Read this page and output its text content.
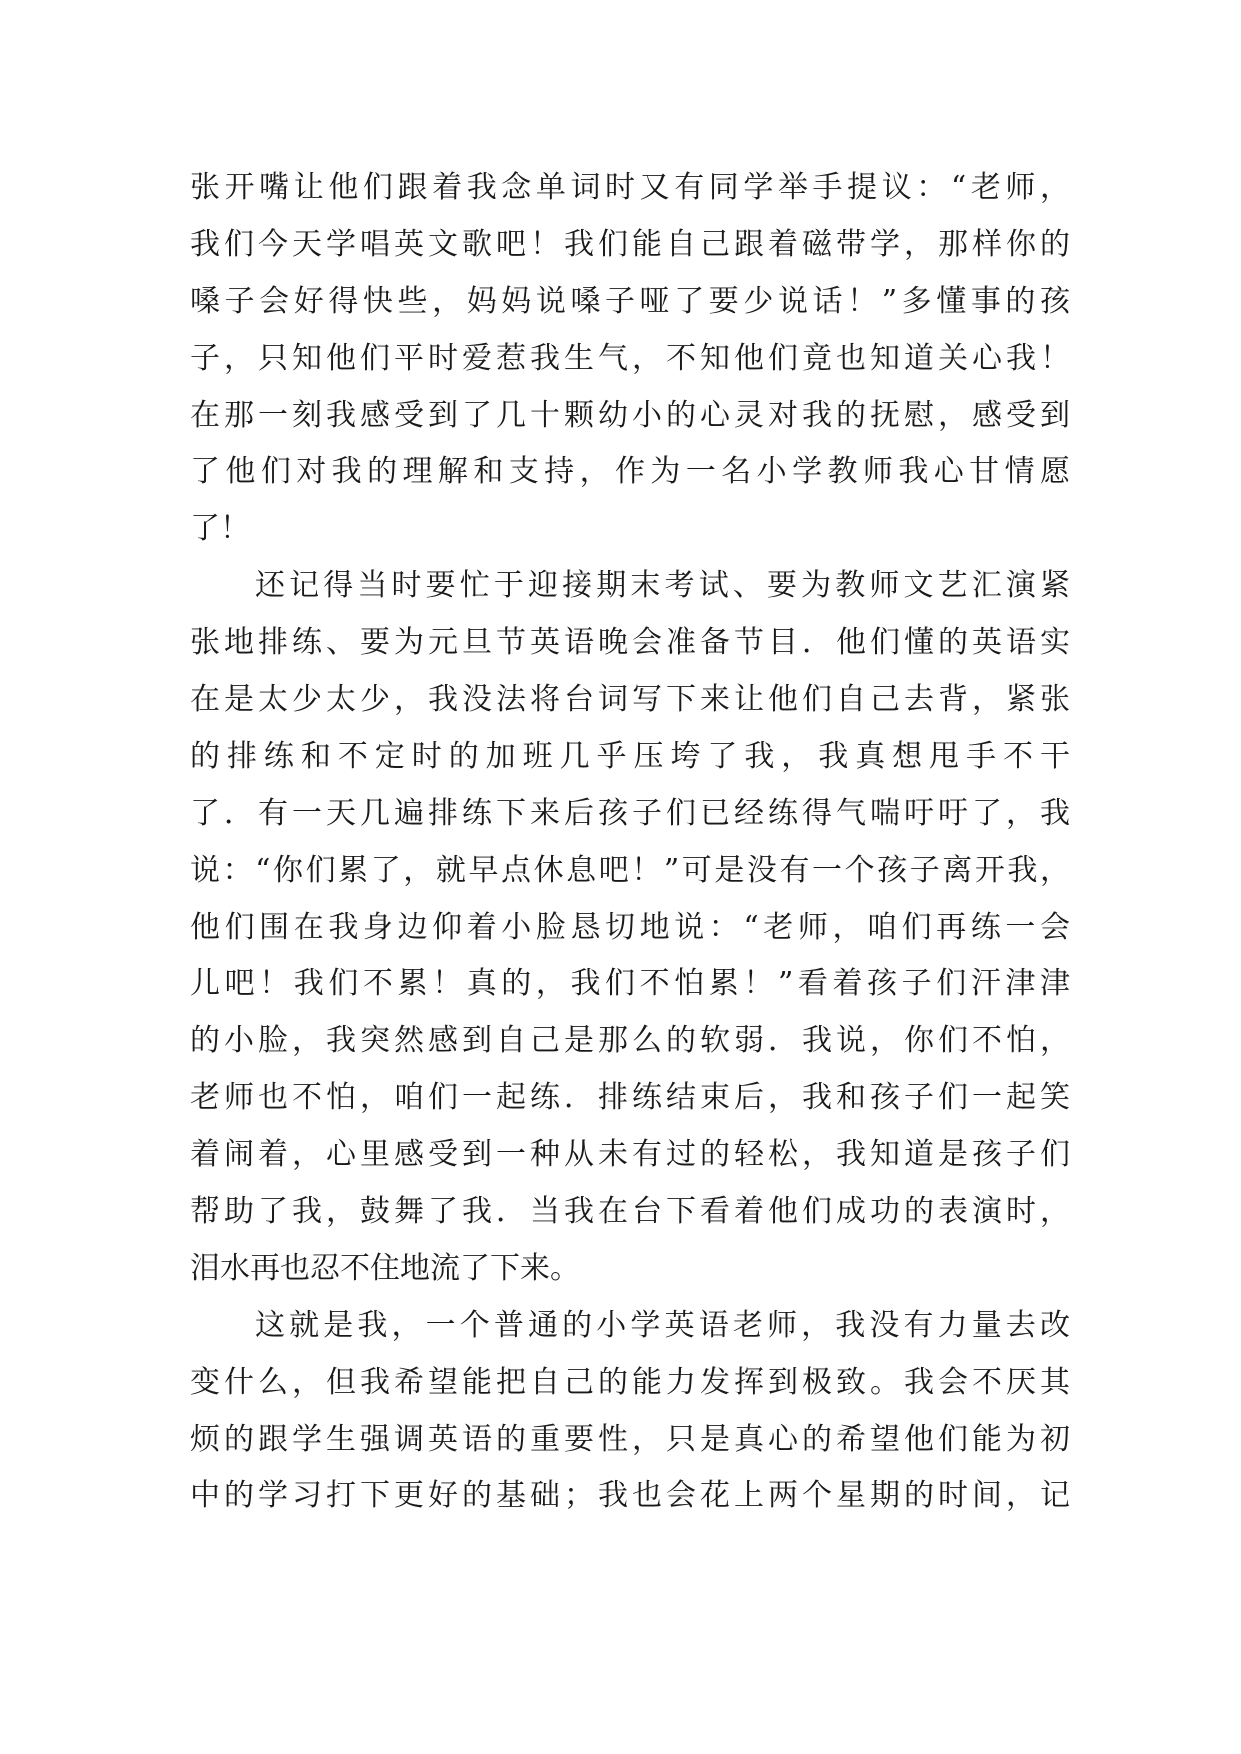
张开嘴让他们跟着我念单词时又有同学举手提议：“老师，
我们今天学唱英文歌吧！我们能自己跟着磁带学，那样你的
嗓子会好得快些，妈妈说嗓子哑了要少说话！”多懂事的孩
子，只知他们平时爱惹我生气，不知他们竟也知道关心我！
在那一刻我感受到了几十颗幼小的心灵对我的抚慰，感受到
了他们对我的理解和支持，作为一名小学教师我心甘情愿
了！
还记得当时要忙于迎接期末考试、要为教师文艺汇演紧
张地排练、要为元旦节英语晚会准备节目．他们懂的英语实
在是太少太少，我没法将台词写下来让他们自己去背，紧张
的排练和不定时的加班几乎压垮了我，我真想甩手不干
了．有一天几遍排练下来后孩子们已经练得气喘吁吁了，我
说：“你们累了，就早点休息吧！”可是没有一个孩子离开我，
他们围在我身边仰着小脸恳切地说：“老师，咱们再练一会
儿吧！我们不累！真的，我们不怕累！”看着孩子们汗津津
的小脸，我突然感到自己是那么的软弱．我说，你们不怕，
老师也不怕，咱们一起练．排练结束后，我和孩子们一起笑
着闹着，心里感受到一种从未有过的轻松，我知道是孩子们
帮助了我，鼓舞了我．当我在台下看着他们成功的表演时，
泪水再也忍不住地流了下来。
这就是我，一个普通的小学英语老师，我没有力量去改
变什么，但我希望能把自己的能力发挥到极致。我会不厌其
烦的跟学生强调英语的重要性，只是真心的希望他们能为初
中的学习打下更好的基础；我也会花上两个星期的时间，记
